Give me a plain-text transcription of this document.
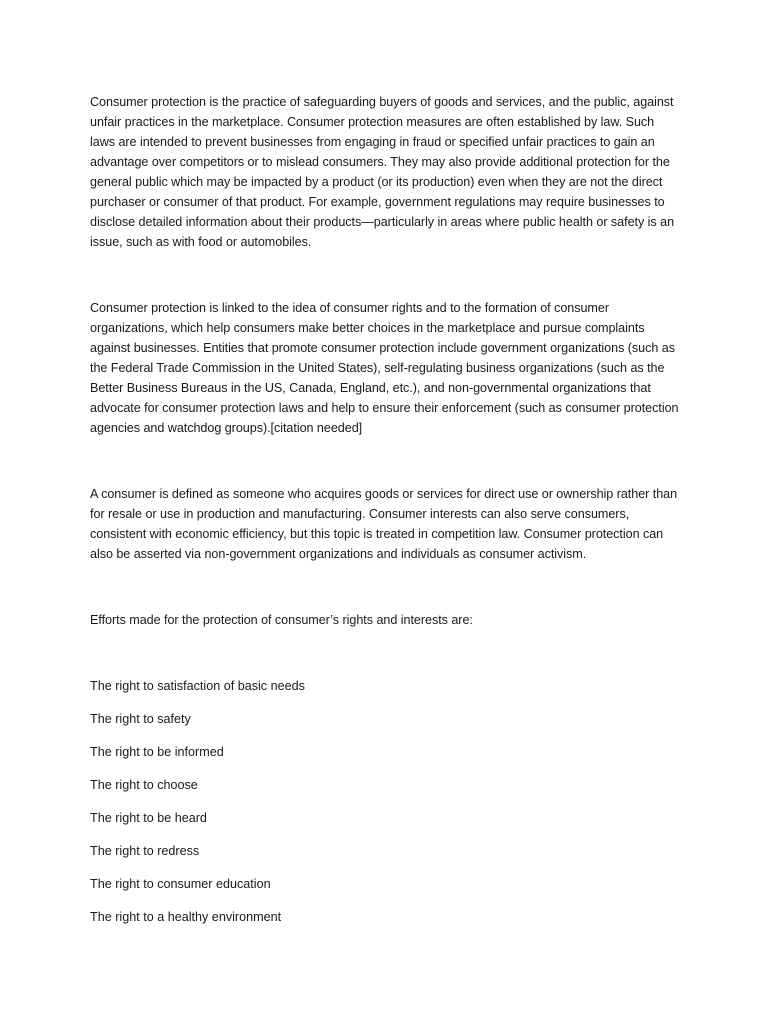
Consumer protection is the practice of safeguarding buyers of goods and services, and the public, against unfair practices in the marketplace. Consumer protection measures are often established by law. Such laws are intended to prevent businesses from engaging in fraud or specified unfair practices to gain an advantage over competitors or to mislead consumers. They may also provide additional protection for the general public which may be impacted by a product (or its production) even when they are not the direct purchaser or consumer of that product. For example, government regulations may require businesses to disclose detailed information about their products—particularly in areas where public health or safety is an issue, such as with food or automobiles.

Consumer protection is linked to the idea of consumer rights and to the formation of consumer organizations, which help consumers make better choices in the marketplace and pursue complaints against businesses. Entities that promote consumer protection include government organizations (such as the Federal Trade Commission in the United States), self-regulating business organizations (such as the Better Business Bureaus in the US, Canada, England, etc.), and non-governmental organizations that advocate for consumer protection laws and help to ensure their enforcement (such as consumer protection agencies and watchdog groups).[citation needed]

A consumer is defined as someone who acquires goods or services for direct use or ownership rather than for resale or use in production and manufacturing. Consumer interests can also serve consumers, consistent with economic efficiency, but this topic is treated in competition law. Consumer protection can also be asserted via non-government organizations and individuals as consumer activism.

Efforts made for the protection of consumer’s rights and interests are:

The right to satisfaction of basic needs
The right to safety
The right to be informed
The right to choose
The right to be heard
The right to redress
The right to consumer education
The right to a healthy environment
